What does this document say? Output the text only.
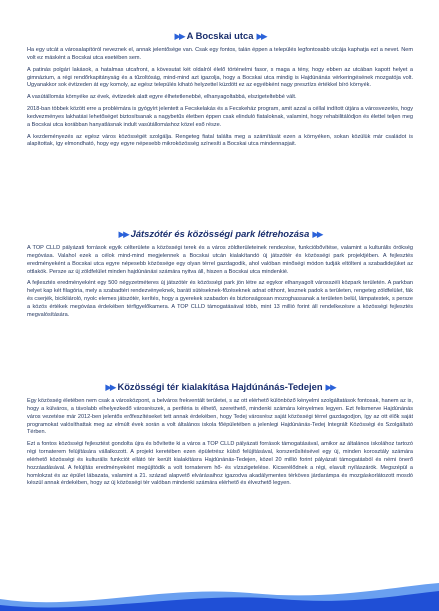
▶▶ A Bocskai utca ▶▶

Ha egy utcát a városalapítóról neveznek el, annak jelentősége van. Csak egy fontos, talán éppen a település legfontosabb utcája kaphatja ezt a nevet. Nem volt ez másként a Bocskai utca esetében sem.

A patinás polgári lakások, a hatalmas utcafront, a kövesutat két oldalról élelő történelmi fasor, s maga a tény, hogy ebben az utcában kapott helyet a gimnázium, a régi rendőrkapitányság és a tűzoltóság, mind-mind azt igazolja, hogy a Bocskai utca mindig is Hajdúnánás vérkeringésének mozgatója volt. Ugyanakkor sok évtizeden át egy komoly, az egész település kiható helyzettel küzdött ez az egyébként nagy presztízs értékkel bíró környék.

A vasútállomás környéke az évek, évtizedek alatt egyre élhetetlenebbé, elhanyagoltabbá, elszigeteltebbé vált.

2018-ban többek között erre a problémára is gyógyírt jelentett a Fecskelakás és a Fecskeház program, amit azzal a céllal indított útjára a városvezetés, hogy kedvezményes lakhatási lehetőséget biztosítsanak a nagybetűs életben éppen csak elinduló fiataloknak, valamint, hogy rehabilitálódjon és élettel teljen meg a Bocskai utca korábban hanyatlásnak indult vasútállomáshoz közel eső része.

A kezdeményezés az egész város közösségét szolgálja. Rengeteg fiatal találta meg a számítását ezen a környéken, sokan közülük már családot is alapítottak, így elmondható, hogy egy egyre népesebb mikroközösség színesíti a Bocskai utca mindennapjait.

▶▶ Játszótér és közösségi park létrehozása ▶▶

A TOP CLLD pályázati források egyik célterülete a közösségi terek és a város zöldterületeinek rendezése, funkcióbővítése, valamint a kulturális örökség megóvása. Valahol ezek a célok mind-mind megjelennek a Bocskai utcán kialakítandó új játszótér és közösségi park projektjében. A fejlesztés eredményeként a Bocskai utca egyre népesebb közössége egy olyan térrel gazdagodik, ahol valóban minőségi módon tudják eltölteni a szabadidejüket az ottlakók. Persze az új zöldfelület minden hajdúnánási számára nyitva áll, hiszen a Bocskai utca mindenkié.

A fejlesztés eredményeként egy 500 négyzetméteres új játszótér és közösségi park jön létre az egykor elhanyagolt városszéli közpark területén. A parkban helyet kap két filagória, mely a szabadtéri rendezvényeknek, baráti sütéseknek-főzéseknek adnat otthont, lesznek padok a területen, rengeteg zöldfelület, fák és cserjék, bicikliároló, nyolc elemes játszótér, kerítés, hogy a gyerekek szabadon és biztonságosan mozoghassanak a területen belül, lámpatestek, s persze a közös értékek megóvása érdekében térfigyelőkamera. A TOP CLLD támogatásával több, mint 13 millió forint áll rendelkezésre a közösségi fejlesztés megvalósítására.

▶▶ Közösségi tér kialakítása Hajdúnánás-Tedejen ▶▶

Egy közösség életében nem csak a városközpont, a belváros frekventált területei, s az ott elérhető különböző kényelmi szolgáltatások fontosak, hanem az is, hogy a külváros, a távolabb elhelyezkedő városrészek, a periféria is élhető, szerethető, mindenki számára kényelmes legyen. Ezt felismerve Hajdúnánás város vezetése már 2012-ben jelentős erőfeszítéseket tett annak érdekében, hogy Tedej városrész saját közösségi térrel gazdagodjon, így az ott élők saját programokat valósíthattak meg az elmúlt évek során a volt általános iskola főépületében a jelenlegi Hajdúnánás-Tedej Integrált Közösségi és Szolgáltató Térben.

Ezt a fontos közösségi fejlesztést gondolta újra és bővítette ki a város a TOP CLLD pályázati források támogatásával, amikor az általános iskolához tartozó régi tornaterem felújítására vállalkozott. A projekt keretében ezen épületrész külső felújításával, korszerűsítésével egy új, minden korosztály számára elérhető közösségi és kulturális funkciót ellátó tér került kialakításra Hajdúnánás-Tedejen, közel 20 millió forint pályázati támogatásból és némi önerő hozzáadásával. A felújítás eredményeként megújítódik a volt tornaterem hő- és vízszigetelése. Kicserélődnek a régi, elavult nyílászárók. Megszépül a homlokzat és az épület lábazata, valamint a 21. század alapvető elvárásaihoz igazodva akadálymentes térköves járdarámpa és mozgáskorlátozott mosdó készül annak érdekében, hogy az új közösségi tér valóban mindenki számára elérhető és élvezhető legyen.
